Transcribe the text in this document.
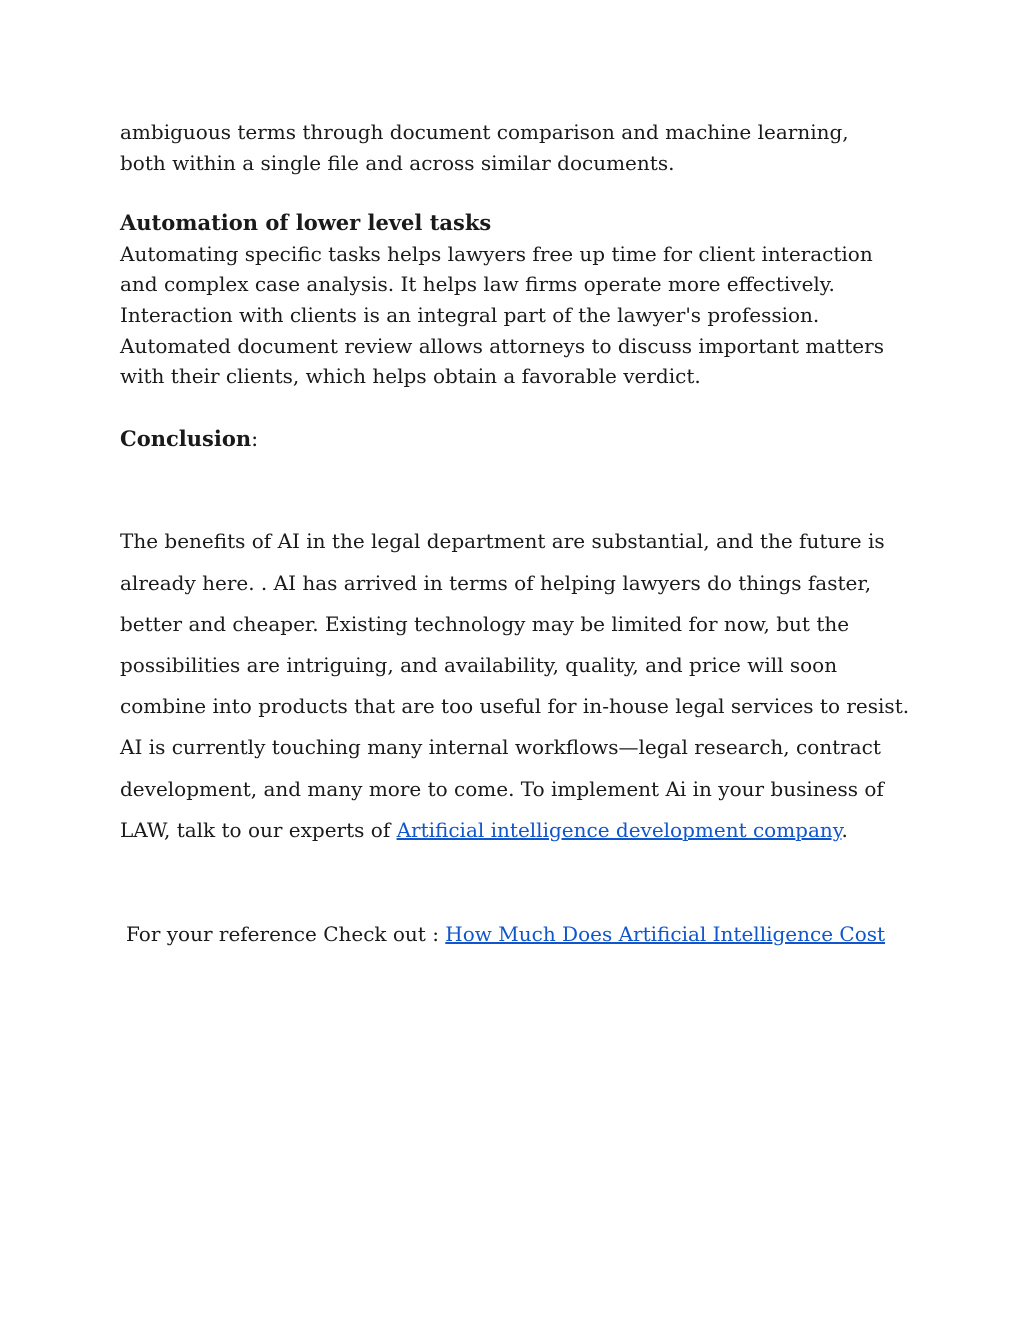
ambiguous terms through document comparison and machine learning,

both within a single file and across similar documents.

Automation of lower level tasks

Automating specific tasks helps lawyers free up time for client interaction and complex case analysis. It helps law firms operate more effectively. Interaction with clients is an integral part of the lawyer's profession. Automated document review allows attorneys to discuss important matters with their clients, which helps obtain a favorable verdict.

Conclusion:

The benefits of AI in the legal department are substantial, and the future is already here. . AI has arrived in terms of helping lawyers do things faster, better and cheaper. Existing technology may be limited for now, but the possibilities are intriguing, and availability, quality, and price will soon combine into products that are too useful for in-house legal services to resist. AI is currently touching many internal workflows—legal research, contract development, and many more to come. To implement Ai in your business of LAW, talk to our experts of Artificial intelligence development company.

For your reference Check out : How Much Does Artificial Intelligence Cost
